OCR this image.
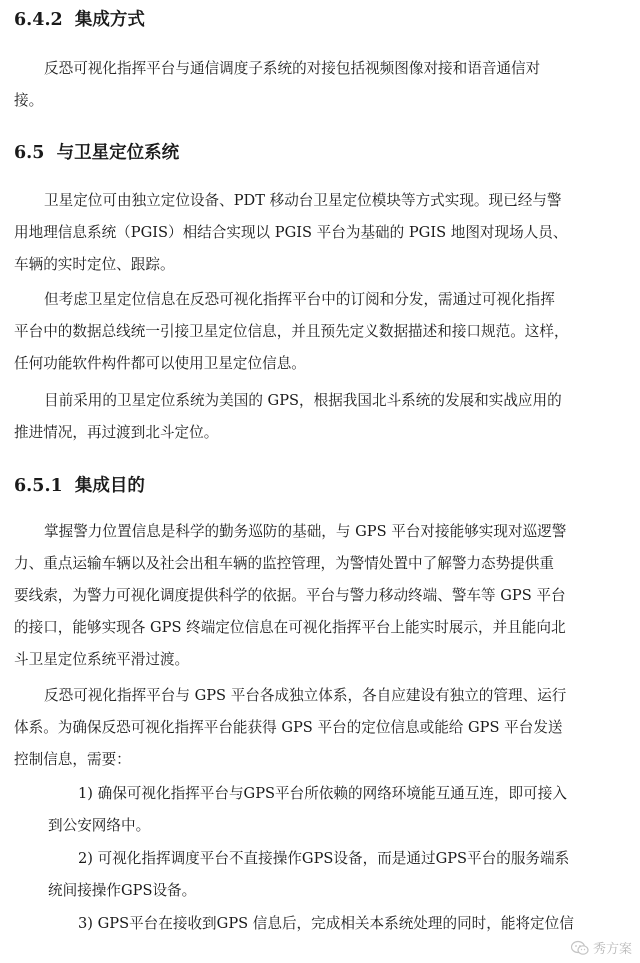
6.4.2 集成方式
反恐可视化指挥平台与通信调度子系统的对接包括视频图像对接和语音通信对
接。
6.5 与卫星定位系统
卫星定位可由独立定位设备、PDT 移动台卫星定位模块等方式实现。现已经与警
用地理信息系统（PGIS）相结合实现以 PGIS 平台为基础的 PGIS 地图对现场人员、
车辆的实时定位、跟踪。
但考虑卫星定位信息在反恐可视化指挥平台中的订阅和分发，需通过可视化指挥
平台中的数据总线统一引接卫星定位信息，并且预先定义数据描述和接口规范。这样，
任何功能软件构件都可以使用卫星定位信息。
目前采用的卫星定位系统为美国的 GPS，根据我国北斗系统的发展和实战应用的
推进情况，再过渡到北斗定位。
6.5.1 集成目的
掌握警力位置信息是科学的勤务巡防的基础，与 GPS 平台对接能够实现对巡逻警
力、重点运输车辆以及社会出租车辆的监控管理，为警情处置中了解警力态势提供重
要线索，为警力可视化调度提供科学的依据。平台与警力移动终端、警车等 GPS 平台
的接口，能够实现各 GPS 终端定位信息在可视化指挥平台上能实时展示，并且能向北
斗卫星定位系统平滑过渡。
反恐可视化指挥平台与 GPS 平台各成独立体系，各自应建设有独立的管理、运行
体系。为确保反恐可视化指挥平台能获得 GPS 平台的定位信息或能给 GPS 平台发送
控制信息，需要：
1) 确保可视化指挥平台与GPS平台所依赖的网络环境能互通互连，即可接入
到公安网络中。
2) 可视化指挥调度平台不直接操作GPS设备，而是通过GPS平台的服务端系
统间接操作GPS设备。
3) GPS平台在接收到GPS 信息后，完成相关本系统处理的同时，能将定位信
秀方案
